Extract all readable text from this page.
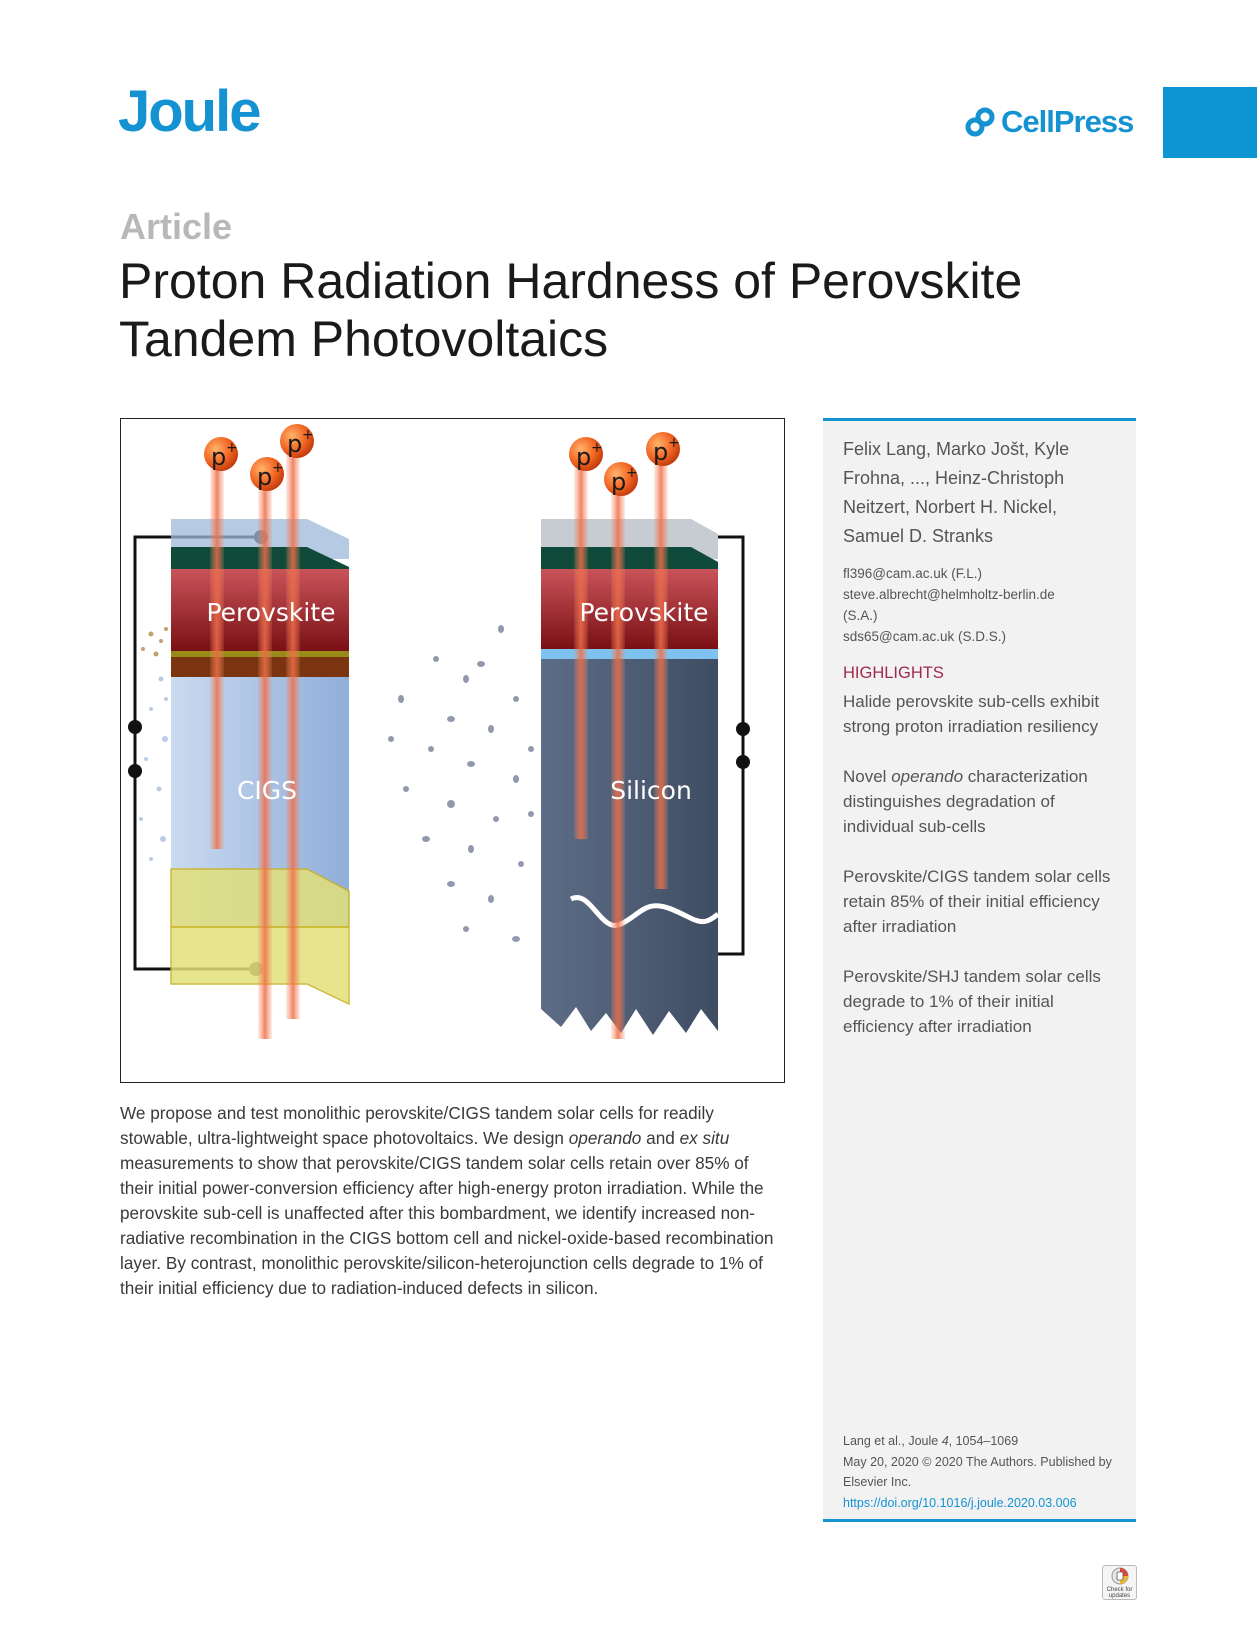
Joule	CellPress
Article
Proton Radiation Hardness of Perovskite Tandem Photovoltaics
Perovskite
CIGS
Perovskite
Silicon
p + p +
p +	p + p +
p +

We propose and test monolithic perovskite/CIGS tandem solar cells for readily stowable, ultra-lightweight space photovoltaics. We design operando and ex situ measurements to show that perovskite/CIGS tandem solar cells retain over 85% of their initial power-conversion efficiency after high-energy proton irradiation. While the perovskite sub-cell is unaffected after this bombardment, we identify increased non-radiative recombination in the CIGS bottom cell and nickel-oxide-based recombination layer. By contrast, monolithic perovskite/silicon-heterojunction cells degrade to 1% of their initial efficiency due to radiation-induced defects in silicon.

Felix Lang, Marko Jošt, Kyle Frohna, ..., Heinz-Christoph Neitzert, Norbert H. Nickel, Samuel D. Stranks

fl396@cam.ac.uk (F.L.)
steve.albrecht@helmholtz-berlin.de
(S.A.)
sds65@cam.ac.uk (S.D.S.)
HIGHLIGHTS
Halide perovskite sub-cells exhibit strong proton irradiation resiliency
Novel operando characterization distinguishes degradation of individual sub-cells
Perovskite/CIGS tandem solar cells retain 85% of their initial efficiency after irradiation
Perovskite/SHJ tandem solar cells degrade to 1% of their initial efficiency after irradiation
Lang et al., Joule 4, 1054–1069
May 20, 2020 © 2020 The Authors. Published by Elsevier Inc.
https://doi.org/10.1016/j.joule.2020.03.006
Check for updates
